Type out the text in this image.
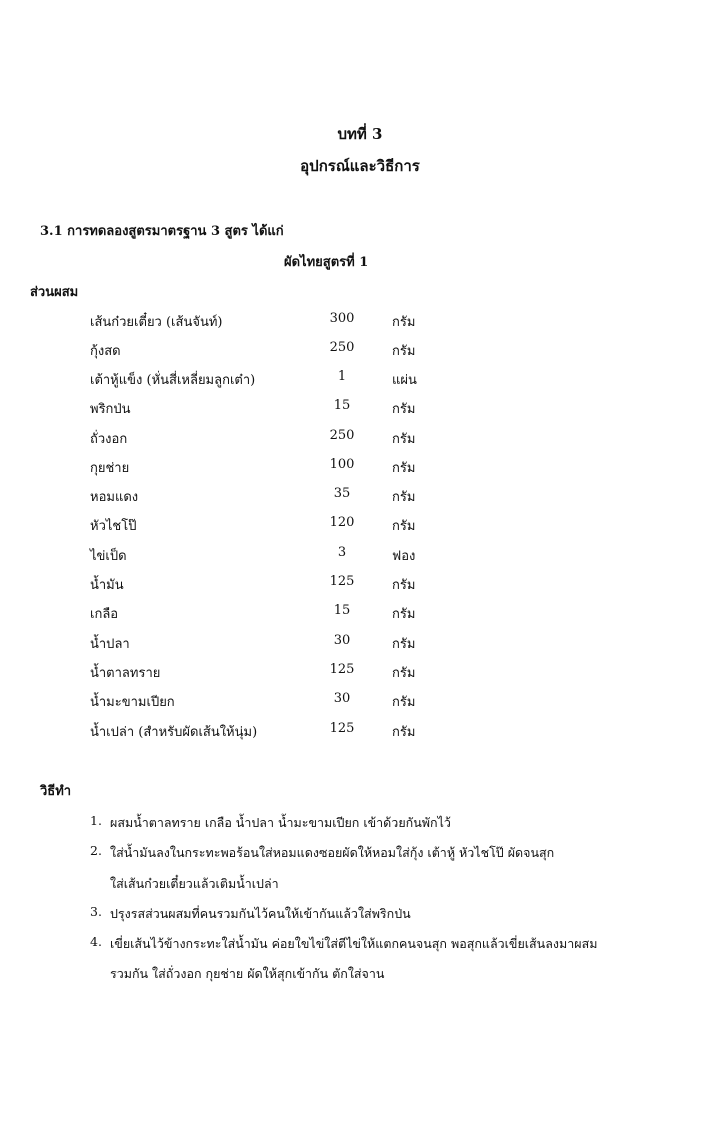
บทที่ 3
อุปกรณ์และวิธีการ
3.1 การทดลองสูตรมาตรฐาน 3 สูตร ได้แก่
ผัดไทยสูตรที่ 1
ส่วนผสม
เส้นก๋วยเตี๋ยว (เส้นจันท์)	300	กรัม
กุ้งสด	250	กรัม
เต้าหู้แข็ง (หั่นสี่เหลี่ยมลูกเต๋า)	1	แผ่น
พริกป่น	15	กรัม
ถั่วงอก	250	กรัม
กุยช่าย	100	กรัม
หอมแดง	35	กรัม
หัวไชโป๊	120	กรัม
ไข่เป็ด	3	ฟอง
น้ำมัน	125	กรัม
เกลือ	15	กรัม
น้ำปลา	30	กรัม
น้ำตาลทราย	125	กรัม
น้ำมะขามเปียก	30	กรัม
น้ำเปล่า (สำหรับผัดเส้นให้นุ่ม)	125	กรัม
วิธีทำ
1. ผสมน้ำตาลทราย เกลือ น้ำปลา น้ำมะขามเปียก เข้าด้วยกันพักไว้
2. ใส่น้ำมันลงในกระทะพอร้อนใส่หอมแดงซอยผัดให้หอมใส่กุ้ง เต้าหู้ หัวไชโป๊ ผัดจนสุก
ใส่เส้นก๋วยเตี๋ยวแล้วเติมน้ำเปล่า
3. ปรุงรสส่วนผสมที่คนรวมกันไว้คนให้เข้ากันแล้วใส่พริกป่น
4. เขี่ยเส้นไว้ข้างกระทะใส่น้ำมัน ค่อยใขไข่ใส่ตีไข่ให้แตกคนจนสุก พอสุกแล้วเขี่ยเส้นลงมาผสม
รวมกัน ใส่ถั่วงอก กุยช่าย ผัดให้สุกเข้ากัน ตักใส่จาน
